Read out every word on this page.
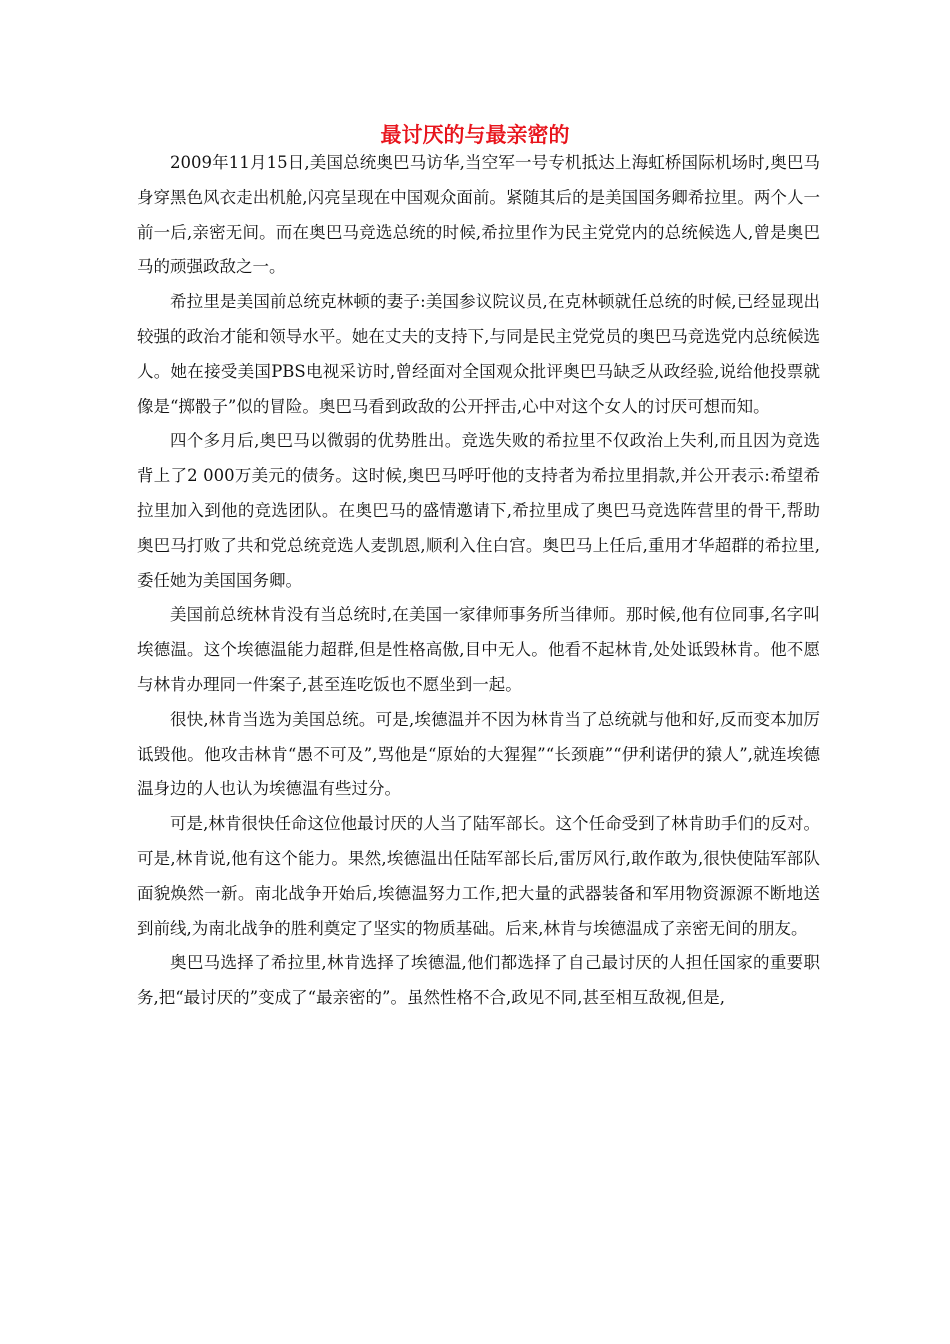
最讨厌的与最亲密的

2009年11月15日,美国总统奥巴马访华,当空军一号专机抵达上海虹桥国际机场时,奥巴马身穿黑色风衣走出机舱,闪亮呈现在中国观众面前。紧随其后的是美国国务卿希拉里。两个人一前一后,亲密无间。而在奥巴马竞选总统的时候,希拉里作为民主党党内的总统候选人,曾是奥巴马的顽强政敌之一。

希拉里是美国前总统克林顿的妻子:美国参议院议员,在克林顿就任总统的时候,已经显现出较强的政治才能和领导水平。她在丈夫的支持下,与同是民主党党员的奥巴马竞选党内总统候选人。她在接受美国PBS电视采访时,曾经面对全国观众批评奥巴马缺乏从政经验,说给他投票就像是“掷骰子”似的冒险。奥巴马看到政敌的公开抨击,心中对这个女人的讨厌可想而知。

四个多月后,奥巴马以微弱的优势胜出。竞选失败的希拉里不仅政治上失利,而且因为竞选背上了2 000万美元的债务。这时候,奥巴马呼吁他的支持者为希拉里捐款,并公开表示:希望希拉里加入到他的竞选团队。在奥巴马的盛情邀请下,希拉里成了奥巴马竞选阵营里的骨干,帮助奥巴马打败了共和党总统竞选人麦凯恩,顺利入住白宫。奥巴马上任后,重用才华超群的希拉里,委任她为美国国务卿。

美国前总统林肯没有当总统时,在美国一家律师事务所当律师。那时候,他有位同事,名字叫埃德温。这个埃德温能力超群,但是性格高傲,目中无人。他看不起林肯,处处诋毁林肯。他不愿与林肯办理同一件案子,甚至连吃饭也不愿坐到一起。

很快,林肯当选为美国总统。可是,埃德温并不因为林肯当了总统就与他和好,反而变本加厉诋毁他。他攻击林肯“愚不可及”,骂他是“原始的大猩猩”“长颈鹿”“伊利诺伊的猿人”,就连埃德温身边的人也认为埃德温有些过分。

可是,林肯很快任命这位他最讨厌的人当了陆军部长。这个任命受到了林肯助手们的反对。可是,林肯说,他有这个能力。果然,埃德温出任陆军部长后,雷厉风行,敢作敢为,很快使陆军部队面貌焕然一新。南北战争开始后,埃德温努力工作,把大量的武器装备和军用物资源源不断地送到前线,为南北战争的胜利奠定了坚实的物质基础。后来,林肯与埃德温成了亲密无间的朋友。

奥巴马选择了希拉里,林肯选择了埃德温,他们都选择了自己最讨厌的人担任国家的重要职务,把“最讨厌的”变成了“最亲密的”。虽然性格不合,政见不同,甚至相互敌视,但是,
